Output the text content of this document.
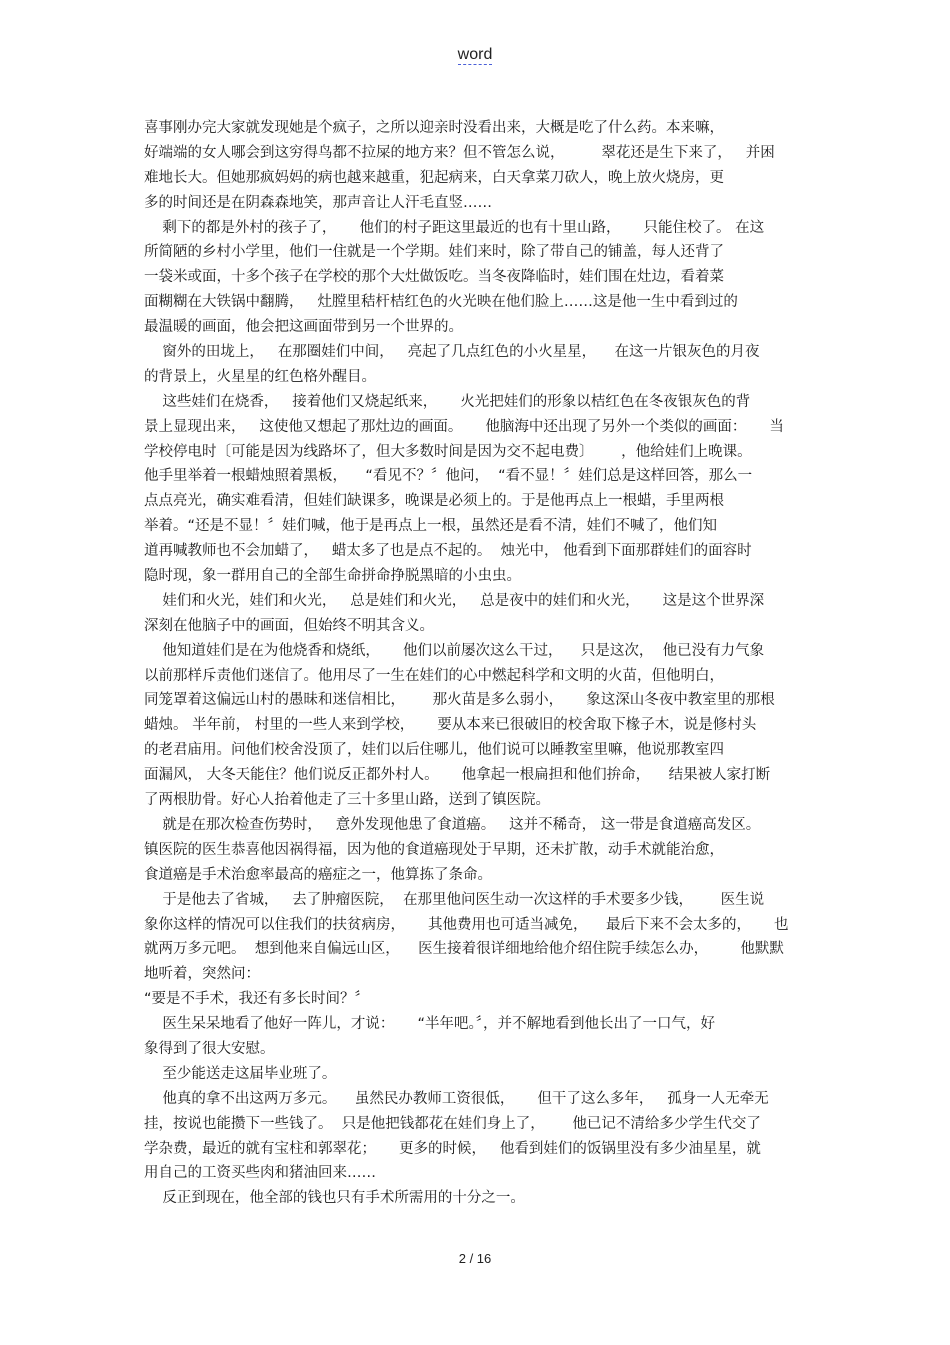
word
喜事刚办完大家就发现她是个疯子，之所以迎亲时没看出来，大概是吃了什么药。本来嘛，
好端端的女人哪会到这穷得鸟都不拉屎的地方来？但不管怎么说，        翠花还是生下来了，   并困
难地长大。但她那疯妈妈的病也越来越重，犯起病来，白天拿菜刀砍人，晚上放火烧房，更
多的时间还是在阴森森地笑，那声音让人汗毛直竖……
剩下的都是外村的孩子了，     他们的村子距这里最近的也有十里山路，     只能住校了。 在这
所简陋的乡村小学里，他们一住就是一个学期。娃们来时，除了带自己的铺盖，每人还背了
一袋米或面，十多个孩子在学校的那个大灶做饭吃。当冬夜降临时，娃们围在灶边，看着菜
面糊糊在大铁锅中翻腾，   灶膛里秸杆桔红色的火光映在他们脸上……这是他一生中看到过的
最温暖的画面，他会把这画面带到另一个世界的。
窗外的田垅上，   在那圈娃们中间，   亮起了几点红色的小火星星，    在这一片银灰色的月夜
的背景上，火星星的红色格外醒目。
这些娃们在烧香，   接着他们又烧起纸来，     火光把娃们的形象以桔红色在冬夜银灰色的背
景上显现出来，   这使他又想起了那灶边的画面。     他脑海中还出现了另外一个类似的画面：     当
学校停电时〔可能是因为线路坏了，但大多数时间是因为交不起电费〕      ，他给娃们上晚课。
他手里举着一根蜡烛照着黑板，    “看见不？〞他问，  “看不显！〞娃们总是这样回答，那么一
点点亮光，确实难看清，但娃们缺课多，晚课是必须上的。于是他再点上一根蜡，手里两根
举着。“还是不显！〞娃们喊，他于是再点上一根，虽然还是看不清，娃们不喊了，他们知
道再喊教师也不会加蜡了，   蜡太多了也是点不起的。  烛光中， 他看到下面那群娃们的面容时
隐时现，象一群用自己的全部生命拼命挣脱黑暗的小虫虫。
娃们和火光，娃们和火光，   总是娃们和火光，   总是夜中的娃们和火光，     这是这个世界深
深刻在他脑子中的画面，但始终不明其含义。
他知道娃们是在为他烧香和烧纸，     他们以前屡次这么干过，    只是这次，  他已没有力气象
以前那样斥责他们迷信了。他用尽了一生在娃们的心中燃起科学和文明的火苗，但他明白，
同笼罩着这偏远山村的愚昧和迷信相比，      那火苗是多么弱小，     象这深山冬夜中教室里的那根
蜡烛。 半年前， 村里的一些人来到学校，     要从本来已很破旧的校舍取下椽子木，说是修村头
的老君庙用。问他们校舍没顶了，娃们以后住哪儿，他们说可以睡教室里嘛，他说那教室四
面漏风， 大冬天能住？他们说反正都外村人。     他拿起一根扁担和他们拚命，    结果被人家打断
了两根肋骨。好心人抬着他走了三十多里山路，送到了镇医院。
就是在那次检查伤势时，   意外发现他患了食道癌。   这并不稀奇， 这一带是食道癌高发区。
镇医院的医生恭喜他因祸得福，因为他的食道癌现处于早期，还未扩散，动手术就能治愈，
食道癌是手术治愈率最高的癌症之一，他算拣了条命。
于是他去了省城，   去了肿瘤医院，  在那里他问医生动一次这样的手术要多少钱，      医生说
象你这样的情况可以住我们的扶贫病房，     其他费用也可适当减免，    最后下来不会太多的，     也
就两万多元吧。  想到他来自偏远山区，    医生接着很详细地给他介绍住院手续怎么办，       他默默
地听着，突然问：
“要是不手术，我还有多长时间？〞
医生呆呆地看了他好一阵儿，才说：     “半年吧。〞，并不解地看到他长出了一口气，好
象得到了很大安慰。
至少能送走这届毕业班了。
他真的拿不出这两万多元。    虽然民办教师工资很低，     但干了这么多年，   孤身一人无牵无
挂，按说也能攒下一些钱了。  只是他把钱都花在娃们身上了，      他已记不清给多少学生代交了
学杂费，最近的就有宝柱和郭翠花；     更多的时候，   他看到娃们的饭锅里没有多少油星星，就
用自己的工资买些肉和猪油回来……
反正到现在，他全部的钱也只有手术所需用的十分之一。
2 / 16
